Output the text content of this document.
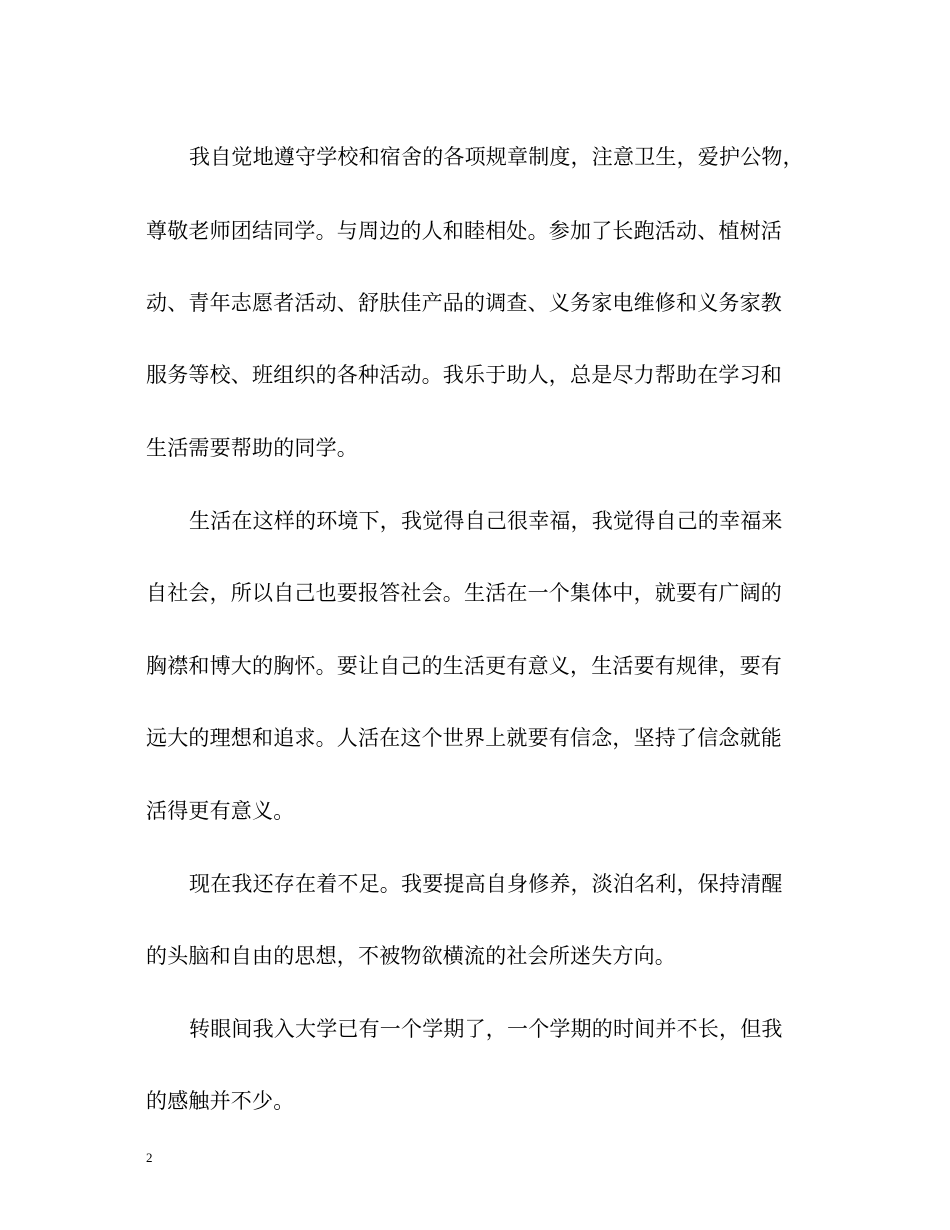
我自觉地遵守学校和宿舍的各项规章制度，注意卫生，爱护公物，
尊敬老师团结同学。与周边的人和睦相处。参加了长跑活动、植树活
动、青年志愿者活动、舒肤佳产品的调查、义务家电维修和义务家教
服务等校、班组织的各种活动。我乐于助人，总是尽力帮助在学习和
生活需要帮助的同学。
生活在这样的环境下，我觉得自己很幸福，我觉得自己的幸福来
自社会，所以自己也要报答社会。生活在一个集体中，就要有广阔的
胸襟和博大的胸怀。要让自己的生活更有意义，生活要有规律，要有
远大的理想和追求。人活在这个世界上就要有信念，坚持了信念就能
活得更有意义。
现在我还存在着不足。我要提高自身修养，淡泊名利，保持清醒
的头脑和自由的思想，不被物欲横流的社会所迷失方向。
转眼间我入大学已有一个学期了，一个学期的时间并不长，但我
的感触并不少。
2
